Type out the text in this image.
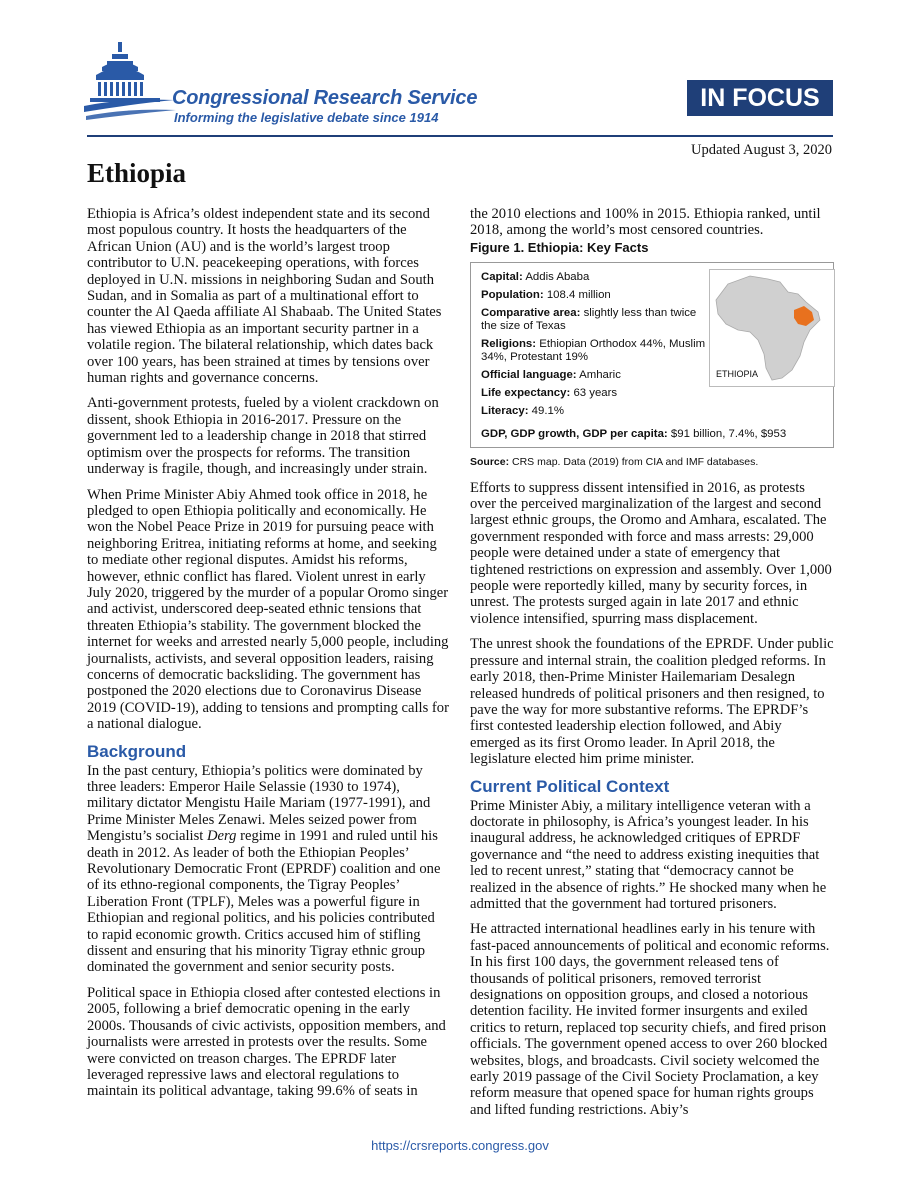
Congressional Research Service
Informing the legislative debate since 1914
IN FOCUS
Updated August 3, 2020
Ethiopia

Ethiopia is Africa’s oldest independent state and its second most populous country. It hosts the headquarters of the African Union (AU) and is the world’s largest troop contributor to U.N. peacekeeping operations, with forces deployed in U.N. missions in neighboring Sudan and South Sudan, and in Somalia as part of a multinational effort to counter the Al Qaeda affiliate Al Shabaab. The United States has viewed Ethiopia as an important security partner in a volatile region. The bilateral relationship, which dates back over 100 years, has been strained at times by tensions over human rights and governance concerns.

Anti-government protests, fueled by a violent crackdown on dissent, shook Ethiopia in 2016-2017. Pressure on the government led to a leadership change in 2018 that stirred optimism over the prospects for reforms. The transition underway is fragile, though, and increasingly under strain.

When Prime Minister Abiy Ahmed took office in 2018, he pledged to open Ethiopia politically and economically. He won the Nobel Peace Prize in 2019 for pursuing peace with neighboring Eritrea, initiating reforms at home, and seeking to mediate other regional disputes. Amidst his reforms, however, ethnic conflict has flared. Violent unrest in early July 2020, triggered by the murder of a popular Oromo singer and activist, underscored deep-seated ethnic tensions that threaten Ethiopia’s stability. The government blocked the internet for weeks and arrested nearly 5,000 people, including journalists, activists, and several opposition leaders, raising concerns of democratic backsliding. The government has postponed the 2020 elections due to Coronavirus Disease 2019 (COVID-19), adding to tensions and prompting calls for a national dialogue.

Background

In the past century, Ethiopia’s politics were dominated by three leaders: Emperor Haile Selassie (1930 to 1974), military dictator Mengistu Haile Mariam (1977-1991), and Prime Minister Meles Zenawi. Meles seized power from Mengistu’s socialist Derg regime in 1991 and ruled until his death in 2012. As leader of both the Ethiopian Peoples’ Revolutionary Democratic Front (EPRDF) coalition and one of its ethno-regional components, the Tigray Peoples’ Liberation Front (TPLF), Meles was a powerful figure in Ethiopian and regional politics, and his policies contributed to rapid economic growth. Critics accused him of stifling dissent and ensuring that his minority Tigray ethnic group dominated the government and senior security posts.

Political space in Ethiopia closed after contested elections in 2005, following a brief democratic opening in the early 2000s. Thousands of civic activists, opposition members, and journalists were arrested in protests over the results. Some were convicted on treason charges. The EPRDF later leveraged repressive laws and electoral regulations to maintain its political advantage, taking 99.6% of seats in

the 2010 elections and 100% in 2015. Ethiopia ranked, until 2018, among the world’s most censored countries.

Figure 1. Ethiopia: Key Facts
Capital: Addis Ababa
Population: 108.4 million
Comparative area: slightly less than twice the size of Texas
Religions: Ethiopian Orthodox 44%, Muslim 34%, Protestant 19%
Official language: Amharic
Life expectancy: 63 years
Literacy: 49.1%
GDP, GDP growth, GDP per capita: $91 billion, 7.4%, $953
ETHIOPIA

Source: CRS map. Data (2019) from CIA and IMF databases.

Efforts to suppress dissent intensified in 2016, as protests over the perceived marginalization of the largest and second largest ethnic groups, the Oromo and Amhara, escalated. The government responded with force and mass arrests: 29,000 people were detained under a state of emergency that tightened restrictions on expression and assembly. Over 1,000 people were reportedly killed, many by security forces, in unrest. The protests surged again in late 2017 and ethnic violence intensified, spurring mass displacement.

The unrest shook the foundations of the EPRDF. Under public pressure and internal strain, the coalition pledged reforms. In early 2018, then-Prime Minister Hailemariam Desalegn released hundreds of political prisoners and then resigned, to pave the way for more substantive reforms. The EPRDF’s first contested leadership election followed, and Abiy emerged as its first Oromo leader. In April 2018, the legislature elected him prime minister.

Current Political Context

Prime Minister Abiy, a military intelligence veteran with a doctorate in philosophy, is Africa’s youngest leader. In his inaugural address, he acknowledged critiques of EPRDF governance and “the need to address existing inequities that led to recent unrest,” stating that “democracy cannot be realized in the absence of rights.” He shocked many when he admitted that the government had tortured prisoners.

He attracted international headlines early in his tenure with fast-paced announcements of political and economic reforms. In his first 100 days, the government released tens of thousands of political prisoners, removed terrorist designations on opposition groups, and closed a notorious detention facility. He invited former insurgents and exiled critics to return, replaced top security chiefs, and fired prison officials. The government opened access to over 260 blocked websites, blogs, and broadcasts. Civil society welcomed the early 2019 passage of the Civil Society Proclamation, a key reform measure that opened space for human rights groups and lifted funding restrictions. Abiy’s

https://crsreports.congress.gov
